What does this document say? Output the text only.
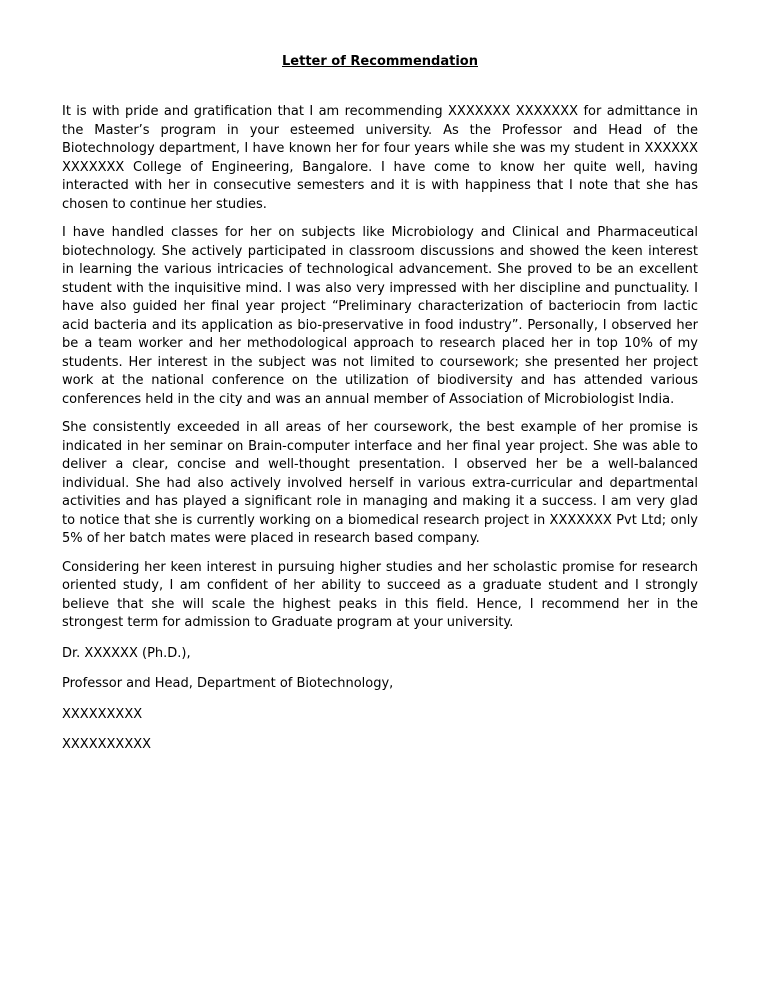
Letter of Recommendation

It is with pride and gratification that I am recommending XXXXXXX XXXXXXX for admittance in the Master’s program in your esteemed university. As the Professor and Head of the Biotechnology department, I have known her for four years while she was my student in XXXXXX XXXXXXX College of Engineering, Bangalore. I have come to know her quite well, having interacted with her in consecutive semesters and it is with happiness that I note that she has chosen to continue her studies.

I have handled classes for her on subjects like Microbiology and Clinical and Pharmaceutical biotechnology. She actively participated in classroom discussions and showed the keen interest in learning the various intricacies of technological advancement. She proved to be an excellent student with the inquisitive mind. I was also very impressed with her discipline and punctuality. I have also guided her final year project “Preliminary characterization of bacteriocin from lactic acid bacteria and its application as bio-preservative in food industry”. Personally, I observed her be a team worker and her methodological approach to research placed her in top 10% of my students. Her interest in the subject was not limited to coursework; she presented her project work at the national conference on the utilization of biodiversity and has attended various conferences held in the city and was an annual member of Association of Microbiologist India.

She consistently exceeded in all areas of her coursework, the best example of her promise is indicated in her seminar on Brain-computer interface and her final year project. She was able to deliver a clear, concise and well-thought presentation. I observed her be a well-balanced individual. She had also actively involved herself in various extra-curricular and departmental activities and has played a significant role in managing and making it a success. I am very glad to notice that she is currently working on a biomedical research project in XXXXXXX Pvt Ltd; only 5% of her batch mates were placed in research based company.

Considering her keen interest in pursuing higher studies and her scholastic promise for research oriented study, I am confident of her ability to succeed as a graduate student and I strongly believe that she will scale the highest peaks in this field. Hence, I recommend her in the strongest term for admission to Graduate program at your university.

Dr. XXXXXX (Ph.D.),

Professor and Head, Department of Biotechnology,

XXXXXXXXX

XXXXXXXXXX
